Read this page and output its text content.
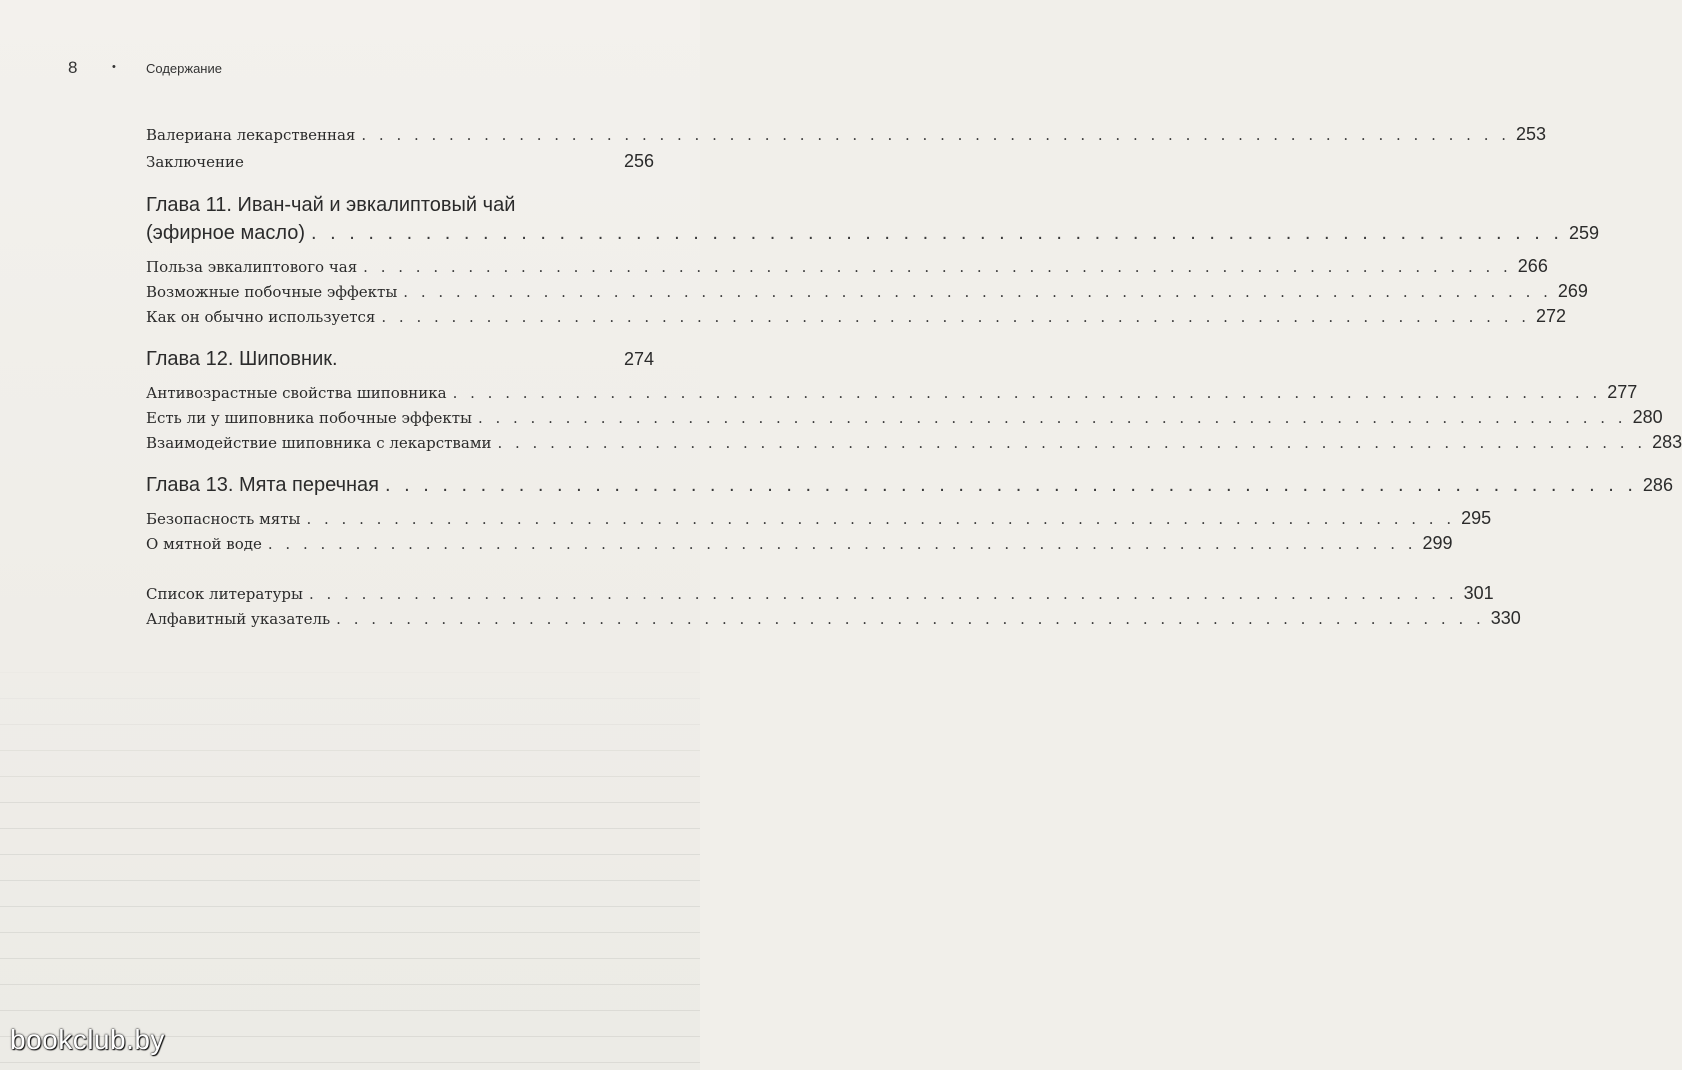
8	• Содержание
Валериана лекарственная . . . . . . . . . . . . . . . . . . . . . . . . . . . . . . . . . . . . . . . . . . . . . . . . . . . . . . . . . . . . . . . . . . 253
Заключение	256
Глава 11. Иван-чай и эвкалиптовый чай
(эфирное масло) . . . . . . . . . . . . . . . . . . . . . . . . . . . . . . . . . . . . . . . . . . . . . . . . . . . . . . . . . . . . . . . . . . 259
Польза эвкалиптового чая . . . . . . . . . . . . . . . . . . . . . . . . . . . . . . . . . . . . . . . . . . . . . . . . . . . . . . . . . . . . . . . . . . 266
Возможные побочные эффекты . . . . . . . . . . . . . . . . . . . . . . . . . . . . . . . . . . . . . . . . . . . . . . . . . . . . . . . . . . . . . . . . . . 269
Как он обычно используется . . . . . . . . . . . . . . . . . . . . . . . . . . . . . . . . . . . . . . . . . . . . . . . . . . . . . . . . . . . . . . . . . . 272
Глава 12. Шиповник.	274
Антивозрастные свойства шиповника . . . . . . . . . . . . . . . . . . . . . . . . . . . . . . . . . . . . . . . . . . . . . . . . . . . . . . . . . . . . . . . . . . 277
Есть ли у шиповника побочные эффекты . . . . . . . . . . . . . . . . . . . . . . . . . . . . . . . . . . . . . . . . . . . . . . . . . . . . . . . . . . . . . . . . . . 280
Взаимодействие шиповника с лекарствами . . . . . . . . . . . . . . . . . . . . . . . . . . . . . . . . . . . . . . . . . . . . . . . . . . . . . . . . . . . . . . . . . . 283
Глава 13. Мята перечная . . . . . . . . . . . . . . . . . . . . . . . . . . . . . . . . . . . . . . . . . . . . . . . . . . . . . . . . . . . . . . . . . . 286
Безопасность мяты . . . . . . . . . . . . . . . . . . . . . . . . . . . . . . . . . . . . . . . . . . . . . . . . . . . . . . . . . . . . . . . . . . 295
О мятной воде . . . . . . . . . . . . . . . . . . . . . . . . . . . . . . . . . . . . . . . . . . . . . . . . . . . . . . . . . . . . . . . . . . 299
Список литературы . . . . . . . . . . . . . . . . . . . . . . . . . . . . . . . . . . . . . . . . . . . . . . . . . . . . . . . . . . . . . . . . . . 301
Алфавитный указатель . . . . . . . . . . . . . . . . . . . . . . . . . . . . . . . . . . . . . . . . . . . . . . . . . . . . . . . . . . . . . . . . . . 330
bookclub.by
